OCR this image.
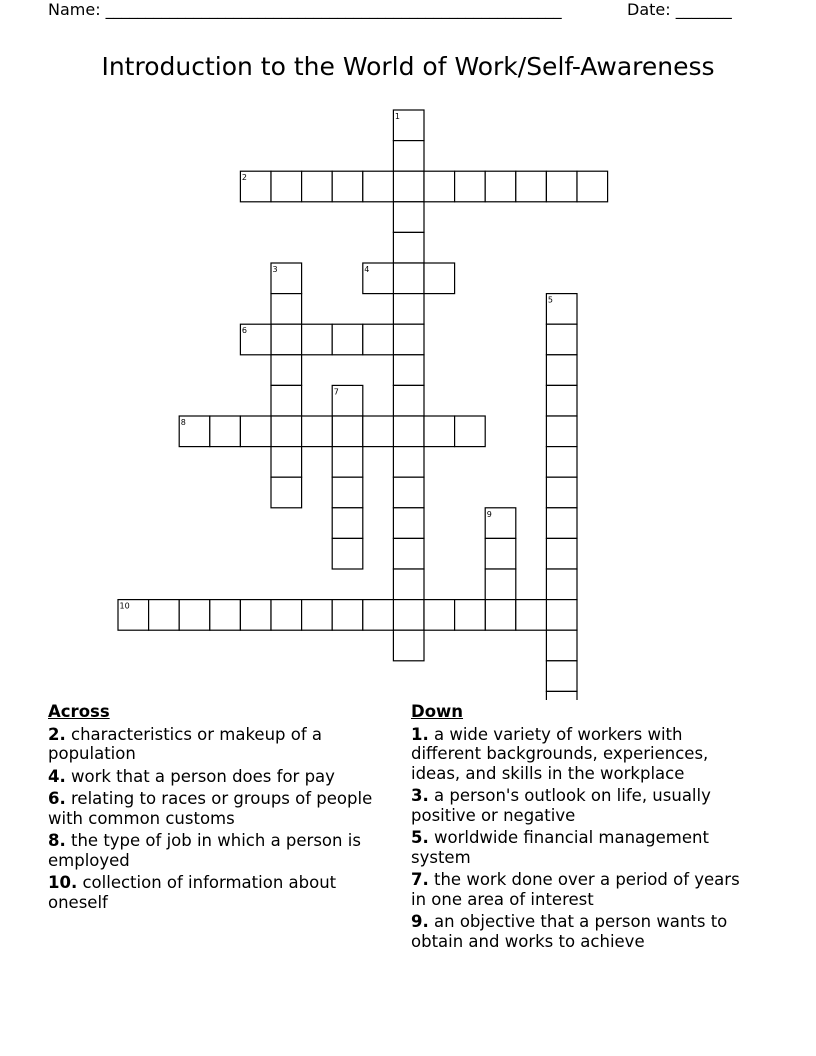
Name: _________________________________________________________	Date: _______
Introduction to the World of Work/Self-Awareness
1
2
3	4
5
6
7
8
9
10
Across
2. characteristics or makeup of a population
4. work that a person does for pay
6. relating to races or groups of people with common customs
8. the type of job in which a person is employed
10. collection of information about oneself
Down
1. a wide variety of workers with different backgrounds, experiences, ideas, and skills in the workplace
3. a person's outlook on life, usually positive or negative
5. worldwide financial management system
7. the work done over a period of years in one area of interest
9. an objective that a person wants to obtain and works to achieve
